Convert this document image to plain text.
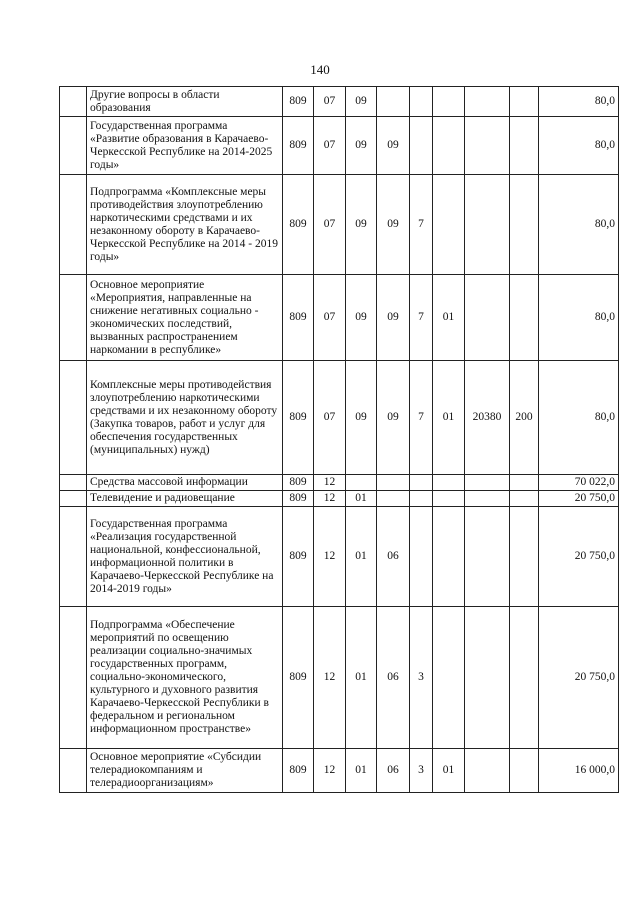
140
	Другие вопросы в области образования	809	07	09						80,0
	Государственная программа «Развитие образования в Карачаево-Черкесской Республике на 2014-2025 годы»	809	07	09	09					80,0
	Подпрограмма «Комплексные меры противодействия злоупотреблению наркотическими средствами и их незаконному обороту в Карачаево-Черкесской Республике на 2014 - 2019 годы»	809	07	09	09	7				80,0
	Основное мероприятие «Мероприятия, направленные на снижение негативных социально - экономических последствий, вызванных распространением наркомании в республике»	809	07	09	09	7	01			80,0
	Комплексные меры противодействия злоупотреблению наркотическими средствами и их незаконному обороту (Закупка товаров, работ и услуг для обеспечения государственных (муниципальных) нужд)	809	07	09	09	7	01	20380	200	80,0
	Средства массовой информации	809	12							70 022,0
	Телевидение и радиовещание	809	12	01						20 750,0
	Государственная программа «Реализация государственной национальной, конфессиональной, информационной политики в Карачаево-Черкесской Республике на 2014-2019 годы»	809	12	01	06					20 750,0
	Подпрограмма «Обеспечение мероприятий по освещению реализации социально-значимых государственных программ, социально-экономического, культурного и духовного развития Карачаево-Черкесской Республики в федеральном и региональном информационном пространстве»	809	12	01	06	3				20 750,0
	Основное мероприятие «Субсидии телерадиокомпаниям и телерадиоорганизациям»	809	12	01	06	3	01			16 000,0
